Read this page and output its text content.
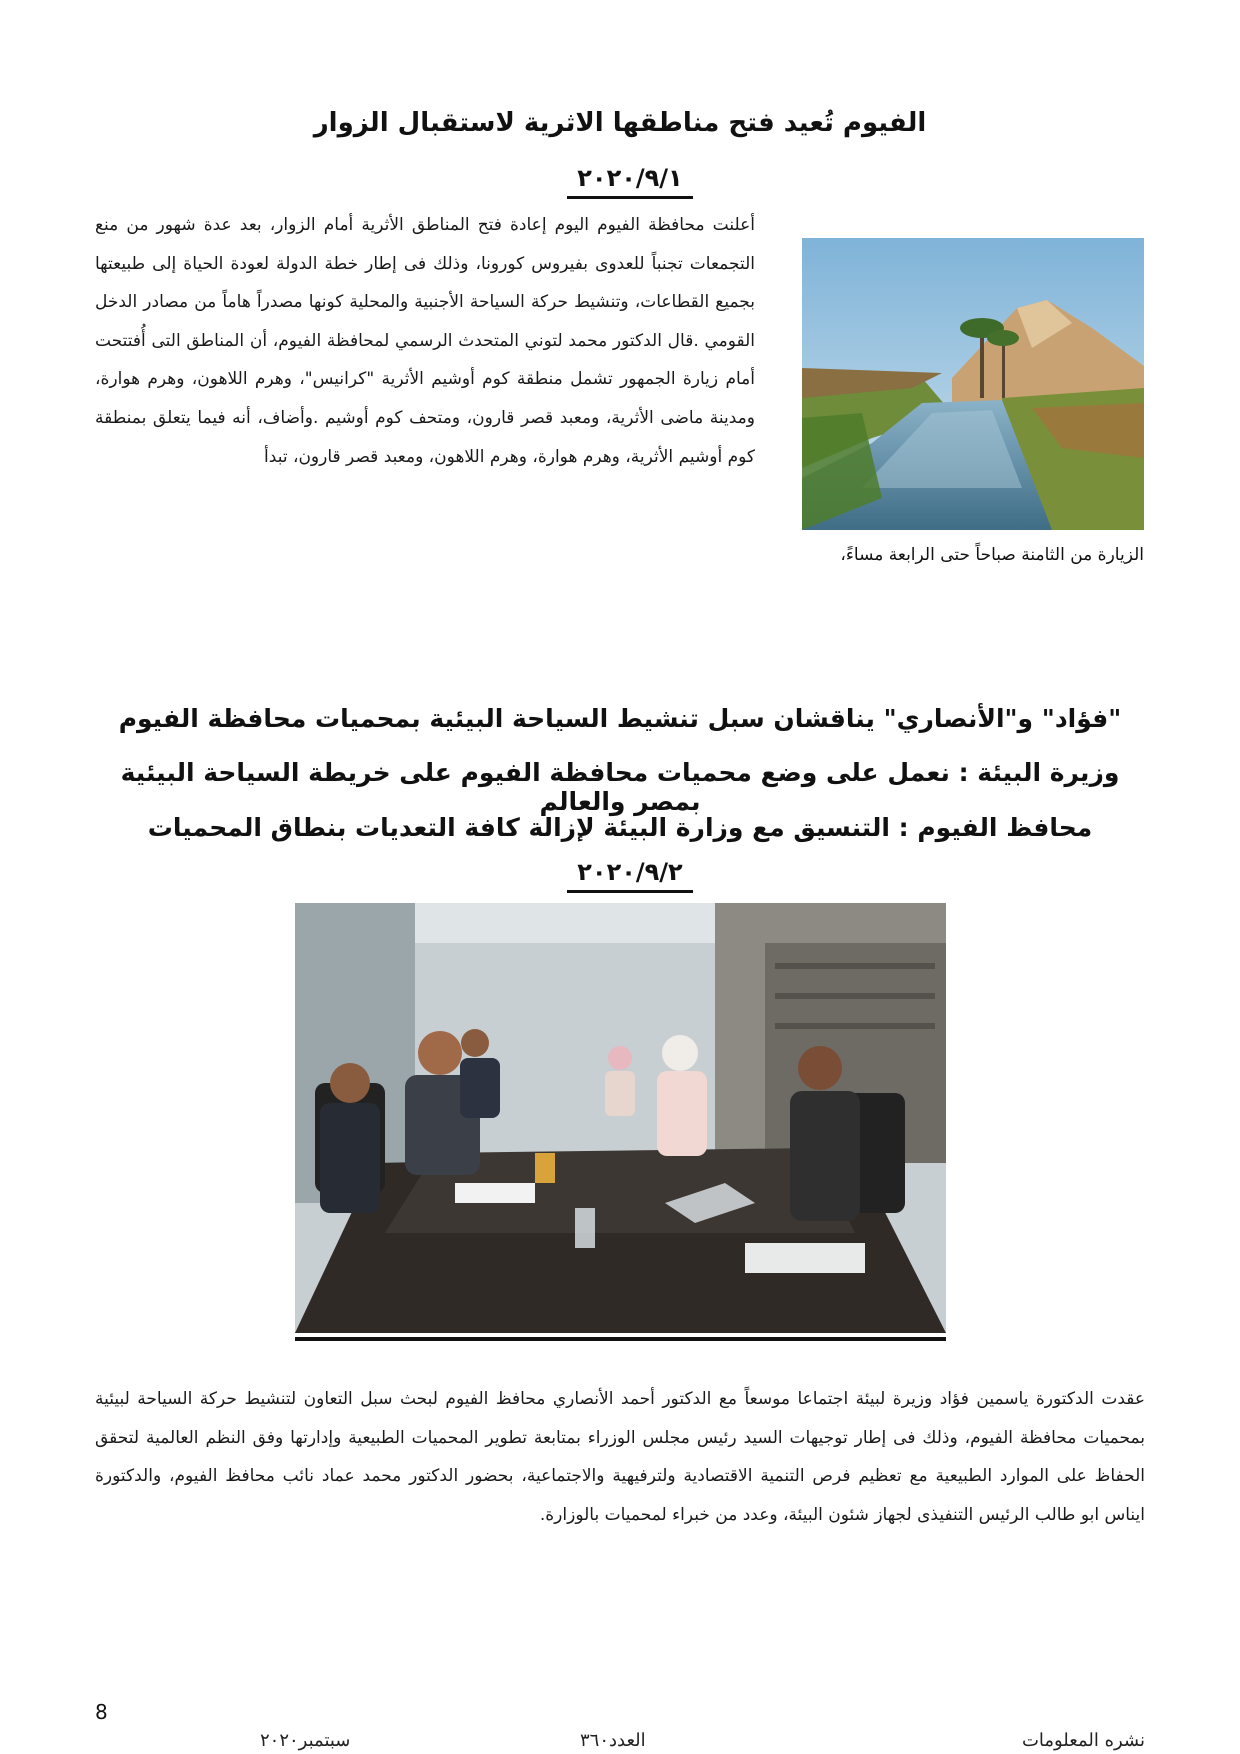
الفيوم تُعيد فتح مناطقها الاثرية لاستقبال الزوار
٢٠٢٠/٩/١
أعلنت محافظة الفيوم اليوم إعادة فتح المناطق الأثرية أمام الزوار، بعد عدة شهور من منع التجمعات تجنباً للعدوى بفيروس كورونا، وذلك فى إطار خطة الدولة لعودة الحياة إلى طبيعتها بجميع القطاعات، وتنشيط حركة السياحة الأجنبية والمحلية كونها مصدراً هاماً من مصادر الدخل القومي .قال الدكتور محمد لتوني المتحدث الرسمي لمحافظة الفيوم، أن المناطق التى أُفتتحت أمام زيارة الجمهور تشمل منطقة كوم أوشيم الأثرية "كرانيس"، وهرم اللاهون، وهرم هوارة، ومدينة ماضى الأثرية، ومعبد قصر قارون، ومتحف كوم أوشيم .وأضاف، أنه فيما يتعلق بمنطقة كوم أوشيم الأثرية، وهرم هوارة، وهرم اللاهون، ومعبد قصر قارون، تبدأ
الزيارة من الثامنة صباحاً حتى الرابعة مساءً،
"فؤاد" و"الأنصاري" يناقشان سبل تنشيط السياحة البيئية بمحميات محافظة الفيوم
وزيرة البيئة : نعمل على وضع محميات محافظة الفيوم على خريطة السياحة البيئية بمصر والعالم
محافظ الفيوم : التنسيق مع وزارة البيئة لإزالة كافة التعديات بنطاق المحميات
٢٠٢٠/٩/٢
عقدت الدكتورة ياسمين فؤاد وزيرة لبيئة اجتماعا موسعاً مع الدكتور أحمد الأنصاري محافظ الفيوم لبحث سبل التعاون لتنشيط حركة السياحة لبيئية بمحميات محافظة الفيوم، وذلك فى إطار توجيهات السيد رئيس مجلس الوزراء بمتابعة تطوير المحميات الطبيعية وإدارتها وفق النظم العالمية لتحقق الحفاظ على الموارد الطبيعية مع تعظيم فرص التنمية الاقتصادية ولترفيهية والاجتماعية، بحضور الدكتور محمد عماد نائب محافظ الفيوم، والدكتورة ايناس ابو طالب الرئيس التنفيذى لجهاز شئون البيئة، وعدد من خبراء لمحميات بالوزارة.
8
نشره المعلومات
العدد٣٦٠
سبتمبر٢٠٢٠
